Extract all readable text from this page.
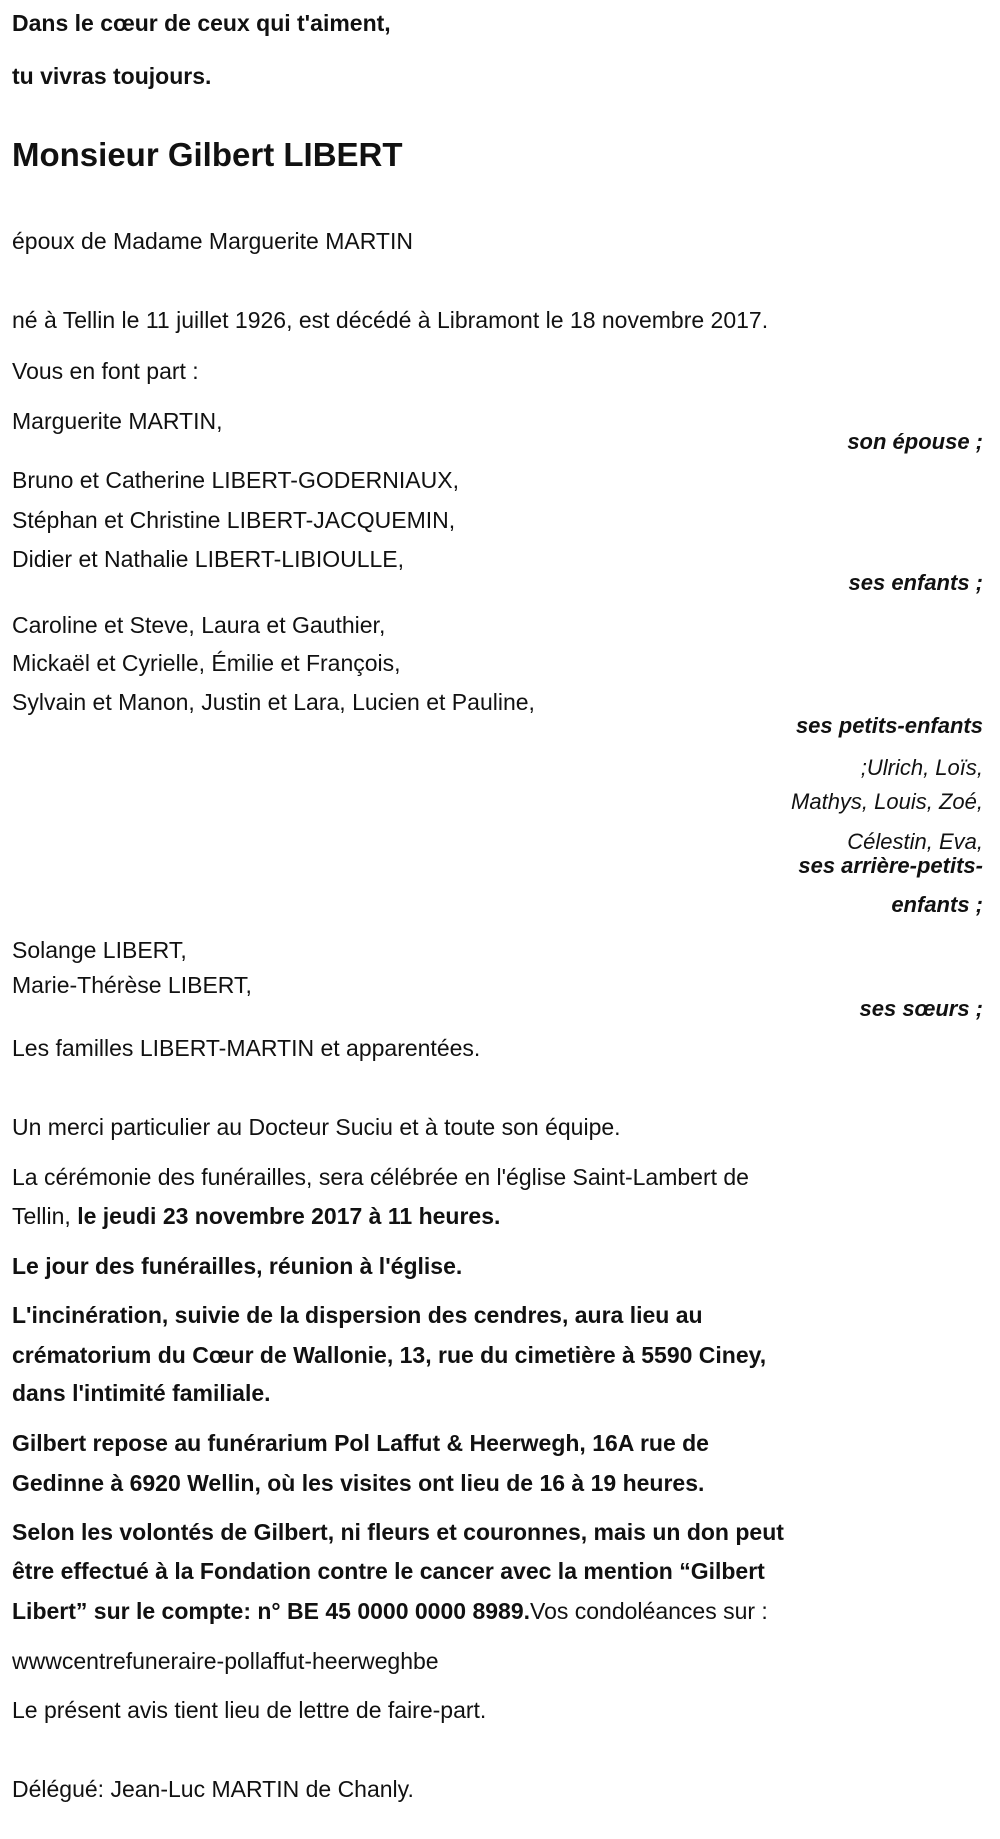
Dans le cœur de ceux qui t'aiment,
tu vivras toujours.
Monsieur Gilbert LIBERT
époux de Madame Marguerite MARTIN
né à Tellin le 11 juillet 1926, est décédé à Libramont le 18 novembre 2017.
Vous en font part :
Marguerite MARTIN,
son épouse ;
Bruno et Catherine LIBERT-GODERNIAUX,
Stéphan et Christine LIBERT-JACQUEMIN,
Didier et Nathalie LIBERT-LIBIOULLE,
ses enfants ;
Caroline et Steve, Laura et Gauthier,
Mickaël et Cyrielle, Émilie et François,
Sylvain et Manon, Justin et Lara, Lucien et Pauline,
ses petits-enfants
;Ulrich, Loïs,
Mathys, Louis, Zoé,
Célestin, Eva,
ses arrière-petits-
enfants ;
Solange LIBERT,
Marie-Thérèse LIBERT,
ses sœurs ;
Les familles LIBERT-MARTIN et apparentées.
Un merci particulier au Docteur Suciu et à toute son équipe.
La cérémonie des funérailles, sera célébrée en l'église Saint-Lambert de
Tellin, le jeudi 23 novembre 2017 à 11 heures.
Le jour des funérailles, réunion à l'église.
L'incinération, suivie de la dispersion des cendres, aura lieu au
crématorium du Cœur de Wallonie, 13, rue du cimetière à 5590 Ciney,
dans l'intimité familiale.
Gilbert repose au funérarium Pol Laffut & Heerwegh, 16A rue de
Gedinne à 6920 Wellin, où les visites ont lieu de 16 à 19 heures.
Selon les volontés de Gilbert, ni fleurs et couronnes, mais un don peut
être effectué à la Fondation contre le cancer avec la mention “Gilbert
Libert” sur le compte: n° BE 45 0000 0000 8989.Vos condoléances sur :
wwwcentrefuneraire-pollaffut-heerweghbe
Le présent avis tient lieu de lettre de faire-part.
Délégué: Jean-Luc MARTIN de Chanly.
